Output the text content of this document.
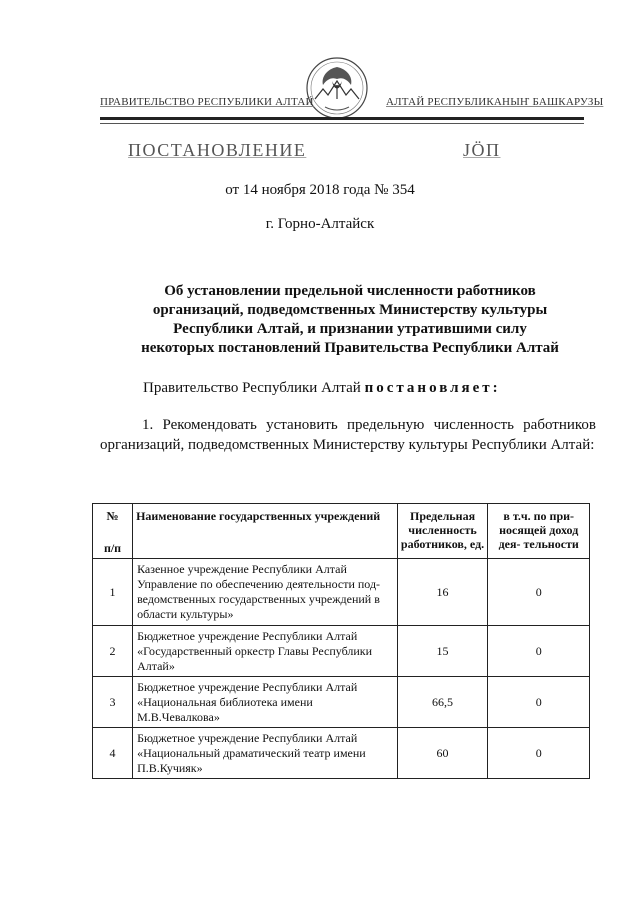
ПРАВИТЕЛЬСТВО РЕСПУБЛИКИ АЛТАЙ	АЛТАЙ РЕСПУБЛИКАНЫҤ БАШКАРУЗЫ
ПОСТАНОВЛЕНИЕ	JÖП
от 14 ноября 2018 года № 354
г. Горно-Алтайск
Об установлении предельной численности работников
организаций, подведомственных Министерству культуры
Республики Алтай, и признании утратившими силу
некоторых постановлений Правительства Республики Алтай
Правительство Республики Алтай постановляет:
1. Рекомендовать установить предельную численность работников организаций, подведомственных Министерству культуры Республики Алтай:
№
п/п	Наименование государственных учреждений	Предельная численность работников, ед.	в т.ч. по при- носящей доход дея- тельности
1	Казенное учреждение Республики Алтай Управление по обеспечению деятельности под- ведомственных государственных учреждений в области культуры»	16	0
2	Бюджетное учреждение Республики Алтай «Государственный оркестр Главы Республики Алтай»	15	0
3	Бюджетное учреждение Республики Алтай «Национальная библиотека имени М.В.Чевалкова»	66,5	0
4	Бюджетное учреждение Республики Алтай «Национальный драматический театр имени П.В.Кучияк»	60	0
